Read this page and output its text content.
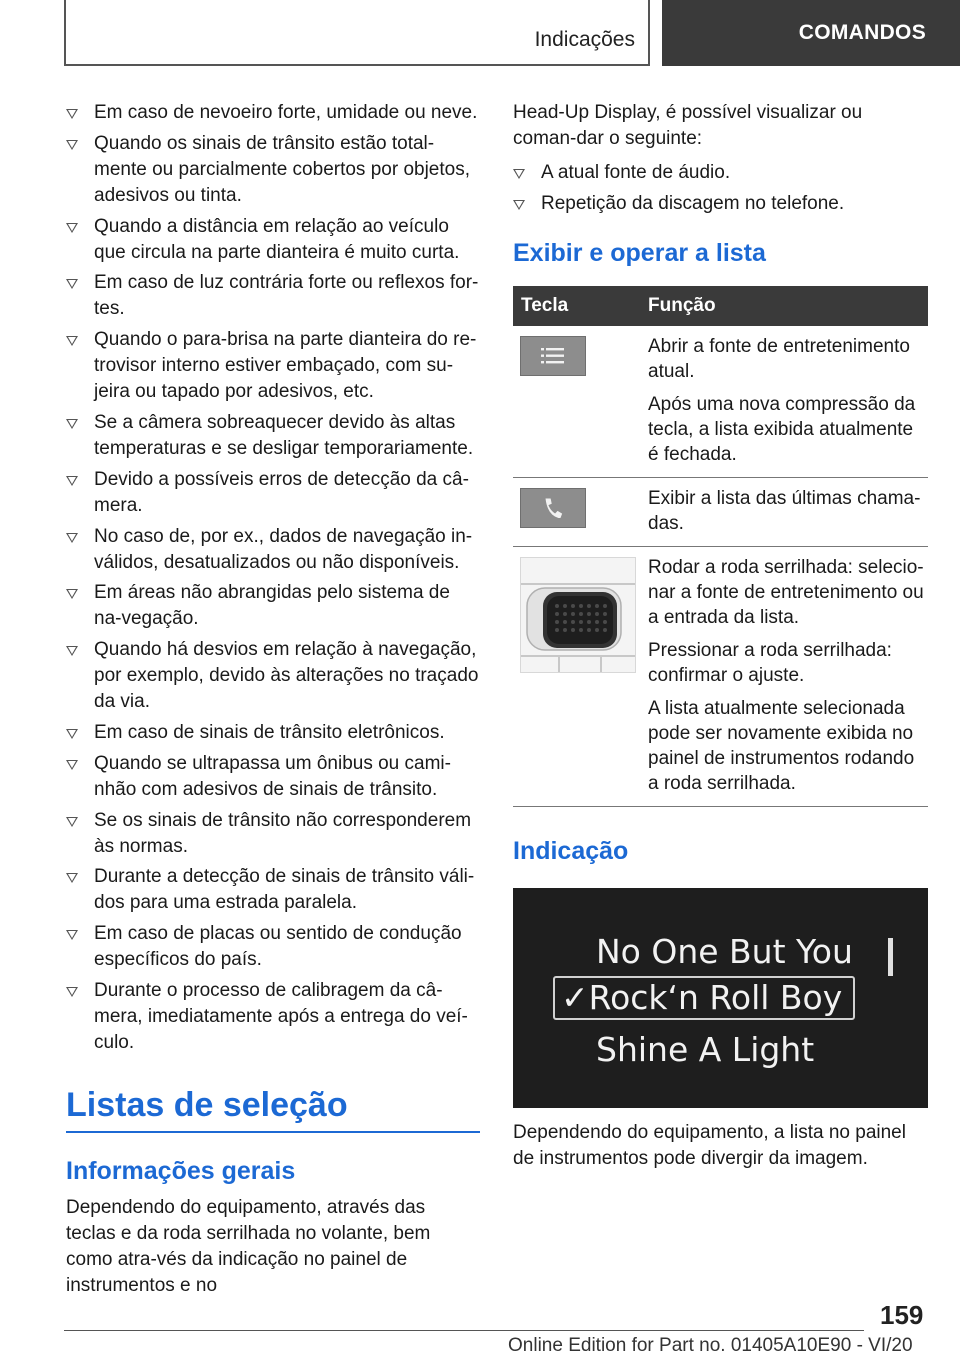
Indicações	COMANDOS
Em caso de nevoeiro forte, umidade ou neve.
Quando os sinais de trânsito estão total-mente ou parcialmente cobertos por objetos, adesivos ou tinta.
Quando a distância em relação ao veículo que circula na parte dianteira é muito curta.
Em caso de luz contrária forte ou reflexos for-tes.
Quando o para-brisa na parte dianteira do re-trovisor interno estiver embaçado, com su-jeira ou tapado por adesivos, etc.
Se a câmera sobreaquecer devido às altas temperaturas e se desligar temporariamente.
Devido a possíveis erros de detecção da câ-mera.
No caso de, por ex., dados de navegação in-válidos, desatualizados ou não disponíveis.
Em áreas não abrangidas pelo sistema de na-vegação.
Quando há desvios em relação à navegação, por exemplo, devido às alterações no traçado da via.
Em caso de sinais de trânsito eletrônicos.
Quando se ultrapassa um ônibus ou cami-nhão com adesivos de sinais de trânsito.
Se os sinais de trânsito não corresponderem às normas.
Durante a detecção de sinais de trânsito váli-dos para uma estrada paralela.
Em caso de placas ou sentido de condução específicos do país.
Durante o processo de calibragem da câ-mera, imediatamente após a entrega do veí-culo.
Listas de seleção
Informações gerais

Dependendo do equipamento, através das teclas e da roda serrilhada no volante, bem como atra-vés da indicação no painel de instrumentos e no

Head-Up Display, é possível visualizar ou coman-dar o seguinte:

A atual fonte de áudio.
Repetição da discagem no telefone.
Exibir e operar a lista
Tecla	Função

Abrir a fonte de entretenimento atual.

Após uma nova compressão da tecla, a lista exibida atualmente é fechada.

Exibir a lista das últimas chama-das.

Rodar a roda serrilhada: selecio-nar a fonte de entretenimento ou a entrada da lista.

Pressionar a roda serrilhada: confirmar o ajuste.

A lista atualmente selecionada pode ser novamente exibida no painel de instrumentos rodando a roda serrilhada.

Indicação
No One But You
✓Rock‘n Roll Boy
Shine A Light

Dependendo do equipamento, a lista no painel de instrumentos pode divergir da imagem.

159
Online Edition for Part no. 01405A10E90 - VI/20
